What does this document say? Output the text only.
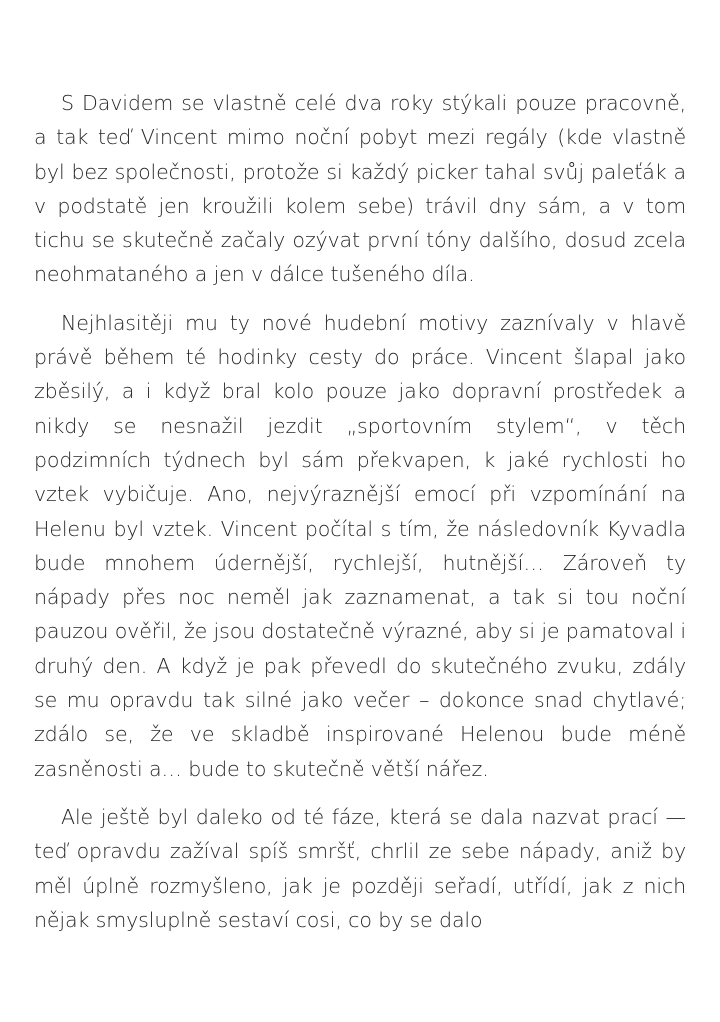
S Davidem se vlastně celé dva roky stýkali pouze pracovně, a tak teď Vincent mimo noční pobyt mezi regály (kde vlastně byl bez společnosti, protože si každý picker tahal svůj paleťák a v podstatě jen kroužili kolem sebe) trávil dny sám, a v tom tichu se skutečně začaly ozývat první tóny dalšího, dosud zcela neohmataného a jen v dálce tušeného díla.

Nejhlasitěji mu ty nové hudební motivy zaznívaly v hlavě právě během té hodinky cesty do práce. Vincent šlapal jako zběsilý, a i když bral kolo pouze jako dopravní prostředek a nikdy se nesnažil jezdit „sportovním stylem“, v těch podzimních týdnech byl sám překvapen, k jaké rychlosti ho vztek vybičuje. Ano, nejvýraznější emocí při vzpomínání na Helenu byl vztek. Vincent počítal s tím, že následovník Kyvadla bude mnohem údernější, rychlejší, hutnější… Zároveň ty nápady přes noc neměl jak zaznamenat, a tak si tou noční pauzou ověřil, že jsou dostatečně výrazné, aby si je pamatoval i druhý den. A když je pak převedl do skutečného zvuku, zdály se mu opravdu tak silné jako večer – dokonce snad chytlavé; zdálo se, že ve skladbě inspirované Helenou bude méně zasněnosti a… bude to skutečně větší nářez.

Ale ještě byl daleko od té fáze, která se dala nazvat prací — teď opravdu zažíval spíš smršť, chrlil ze sebe nápady, aniž by měl úplně rozmyšleno, jak je později seřadí, utřídí, jak z nich nějak smysluplně sestaví cosi, co by se dalo
